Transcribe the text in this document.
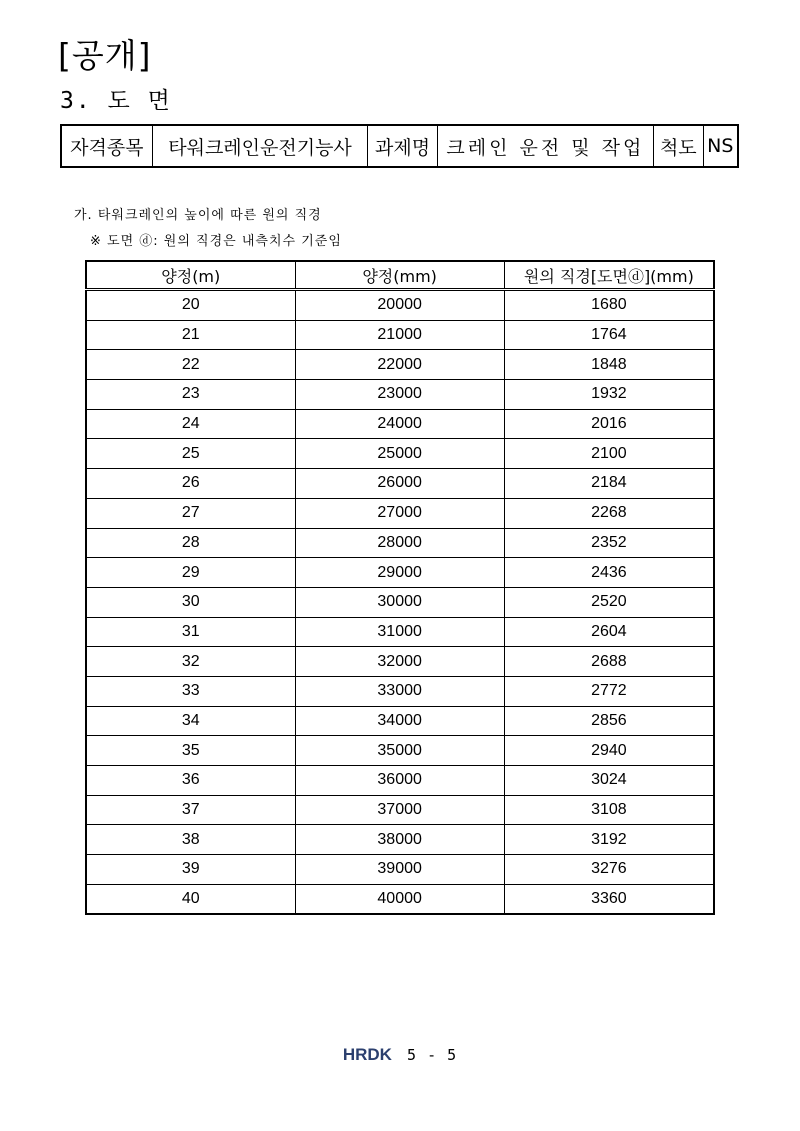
[공개]
3. 도 면
자격종목	타워크레인운전기능사	과제명	크레인 운전 및 작업	척도	NS
가. 타워크레인의 높이에 따른 원의 직경
※ 도면 ⓓ: 원의 직경은 내측치수 기준임
양정(m)	양정(mm)	원의 직경[도면ⓓ](mm)
20	20000	1680
21	21000	1764
22	22000	1848
23	23000	1932
24	24000	2016
25	25000	2100
26	26000	2184
27	27000	2268
28	28000	2352
29	29000	2436
30	30000	2520
31	31000	2604
32	32000	2688
33	33000	2772
34	34000	2856
35	35000	2940
36	36000	3024
37	37000	3108
38	38000	3192
39	39000	3276
40	40000	3360
HRDK 5 - 5
